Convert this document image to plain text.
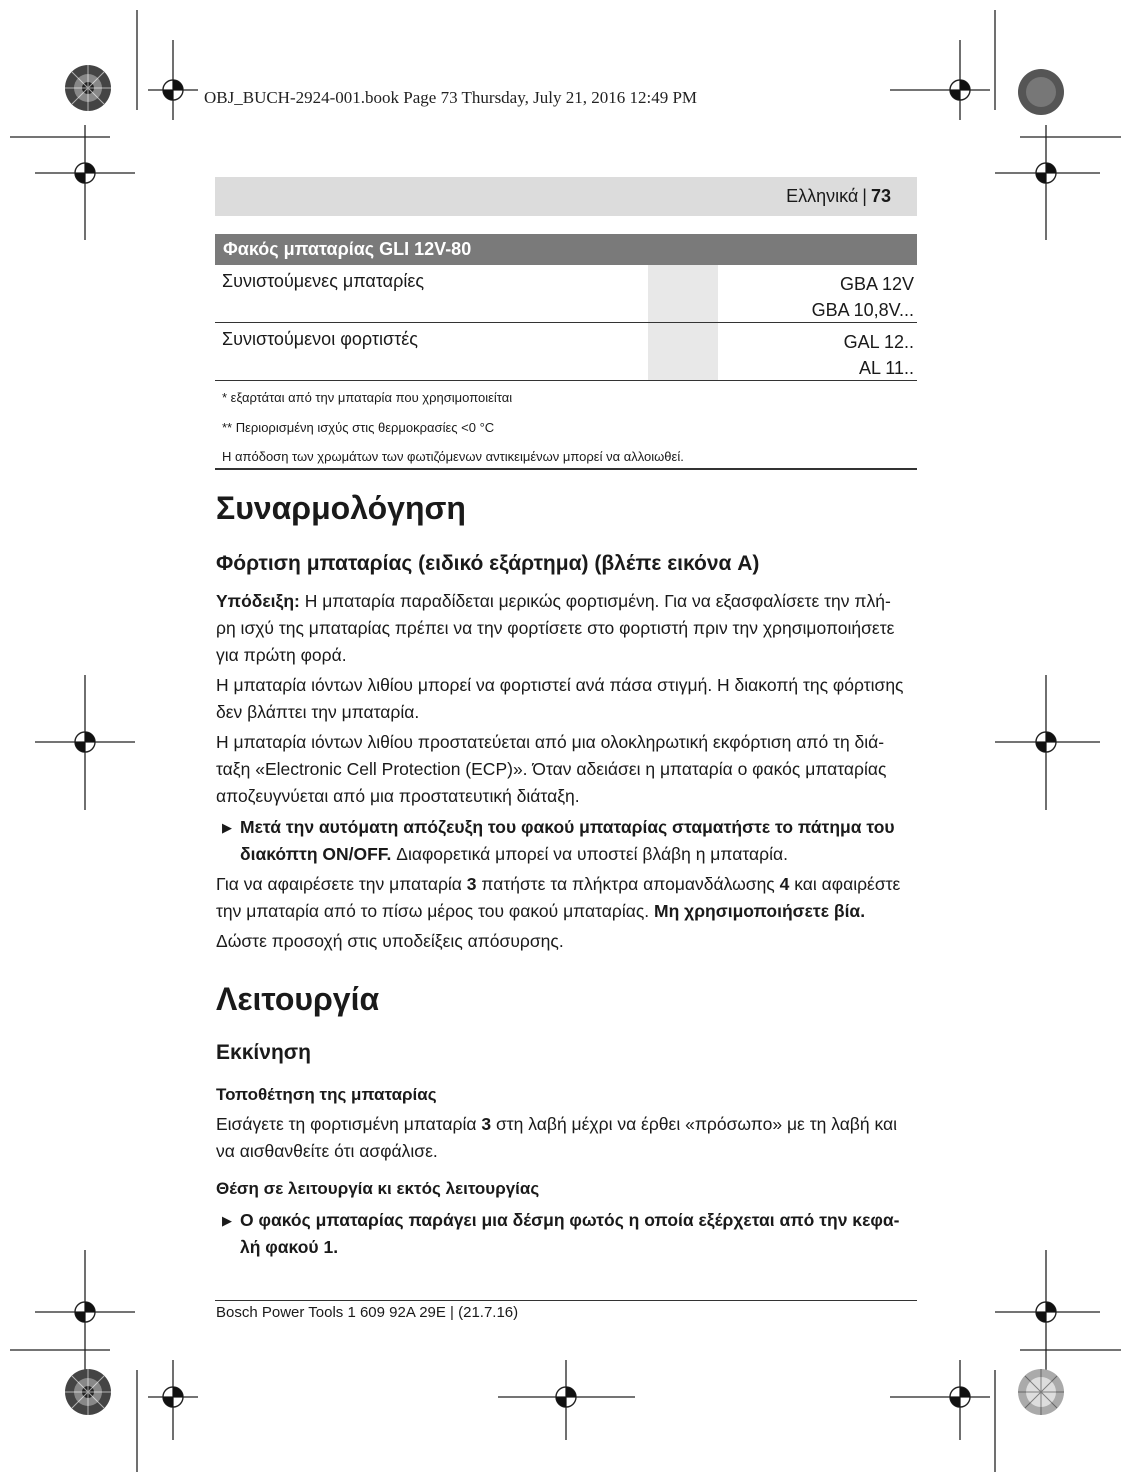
OBJ_BUCH-2924-001.book Page 73 Thursday, July 21, 2016 12:49 PM
Ελληνικά | 73
Φακός μπαταρίας GLI 12V-80
Συνιστούμενες μπαταρίες	GBA 12V
GBA 10,8V...
Συνιστούμενοι φορτιστές	GAL 12..
AL 11..
* εξαρτάται από την μπαταρία που χρησιμοποιείται
** Περιορισμένη ισχύς στις θερμοκρασίες <0 °C
Η απόδοση των χρωμάτων των φωτιζόμενων αντικειμένων μπορεί να αλλοιωθεί.
Συναρμολόγηση
Φόρτιση μπαταρίας (ειδικό εξάρτημα) (βλέπε εικόνα A)
Υπόδειξη: Η μπαταρία παραδίδεται μερικώς φορτισμένη. Για να εξασφαλίσετε την πλή-
ρη ισχύ της μπαταρίας πρέπει να την φορτίσετε στο φορτιστή πριν την χρησιμοποιήσετε
για πρώτη φορά.
Η μπαταρία ιόντων λιθίου μπορεί να φορτιστεί ανά πάσα στιγμή. Η διακοπή της φόρτισης
δεν βλάπτει την μπαταρία.
Η μπαταρία ιόντων λιθίου προστατεύεται από μια ολοκληρωτική εκφόρτιση από τη διά-
ταξη «Electronic Cell Protection (ECP)». Όταν αδειάσει η μπαταρία ο φακός μπαταρίας
αποζευγνύεται από μια προστατευτική διάταξη.
▶ Μετά την αυτόματη απόζευξη του φακού μπαταρίας σταματήστε το πάτημα του
διακόπτη ON/OFF. Διαφορετικά μπορεί να υποστεί βλάβη η μπαταρία.
Για να αφαιρέσετε την μπαταρία 3 πατήστε τα πλήκτρα απομανδάλωσης 4 και αφαιρέστε
την μπαταρία από το πίσω μέρος του φακού μπαταρίας. Μη χρησιμοποιήσετε βία.
Δώστε προσοχή στις υποδείξεις απόσυρσης.
Λειτουργία
Εκκίνηση
Τοποθέτηση της μπαταρίας
Εισάγετε τη φορτισμένη μπαταρία 3 στη λαβή μέχρι να έρθει «πρόσωπο» με τη λαβή και
να αισθανθείτε ότι ασφάλισε.
Θέση σε λειτουργία κι εκτός λειτουργίας
▶ Ο φακός μπαταρίας παράγει μια δέσμη φωτός η οποία εξέρχεται από την κεφα-
λή φακού 1.
Bosch Power Tools 1 609 92A 29E | (21.7.16)
